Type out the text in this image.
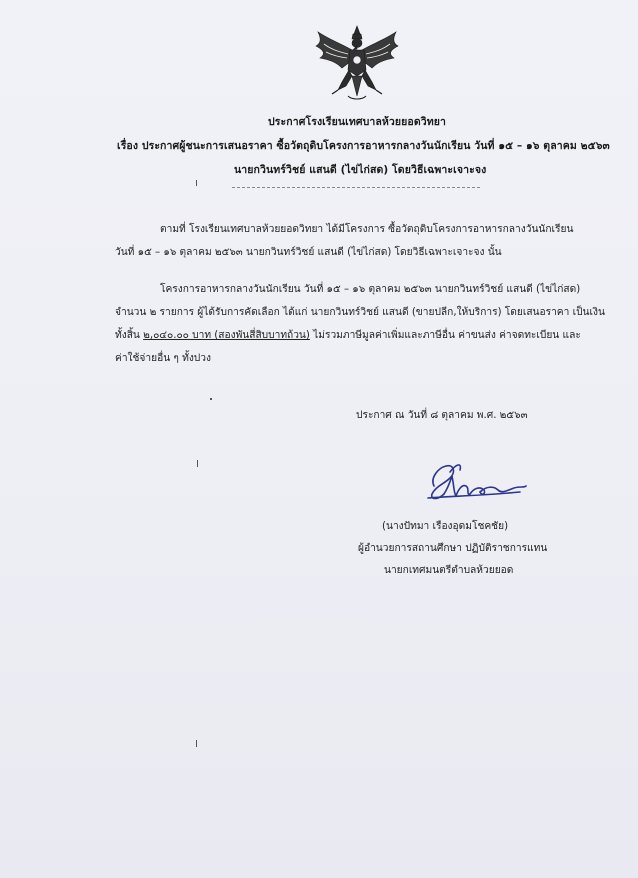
ประกาศโรงเรียนเทศบาลห้วยยอดวิทยา
เรื่อง ประกาศผู้ชนะการเสนอราคา ซื้อวัตถุดิบโครงการอาหารกลางวันนักเรียน วันที่ ๑๕ – ๑๖ ตุลาคม ๒๕๖๓
นายกวินทร์วิชย์ แสนดี (ไข่ไก่สด) โดยวิธีเฉพาะเจาะจง
ตามที่ โรงเรียนเทศบาลห้วยยอดวิทยา ได้มีโครงการ ซื้อวัตถุดิบโครงการอาหารกลางวันนักเรียน
วันที่ ๑๕ – ๑๖ ตุลาคม ๒๕๖๓ นายกวินทร์วิชย์ แสนดี (ไข่ไก่สด) โดยวิธีเฉพาะเจาะจง นั้น
โครงการอาหารกลางวันนักเรียน วันที่ ๑๕ – ๑๖ ตุลาคม ๒๕๖๓ นายกวินทร์วิชย์ แสนดี (ไข่ไก่สด)
จำนวน ๒ รายการ ผู้ได้รับการคัดเลือก ได้แก่ นายกวินทร์วิชย์ แสนดี (ขายปลีก,ให้บริการ) โดยเสนอราคา เป็นเงิน
ทั้งสิ้น ๒,๐๔๐.๐๐ บาท (สองพันสี่สิบบาทถ้วน) ไม่รวมภาษีมูลค่าเพิ่มและภาษีอื่น ค่าขนส่ง ค่าจดทะเบียน และ
ค่าใช้จ่ายอื่น ๆ ทั้งปวง
ประกาศ ณ วันที่ ๘ ตุลาคม พ.ศ. ๒๕๖๓
(นางปัทมา เรืองอุดมโชคชัย)
ผู้อำนวยการสถานศึกษา ปฏิบัติราชการแทน
นายกเทศมนตรีตำบลห้วยยอด
